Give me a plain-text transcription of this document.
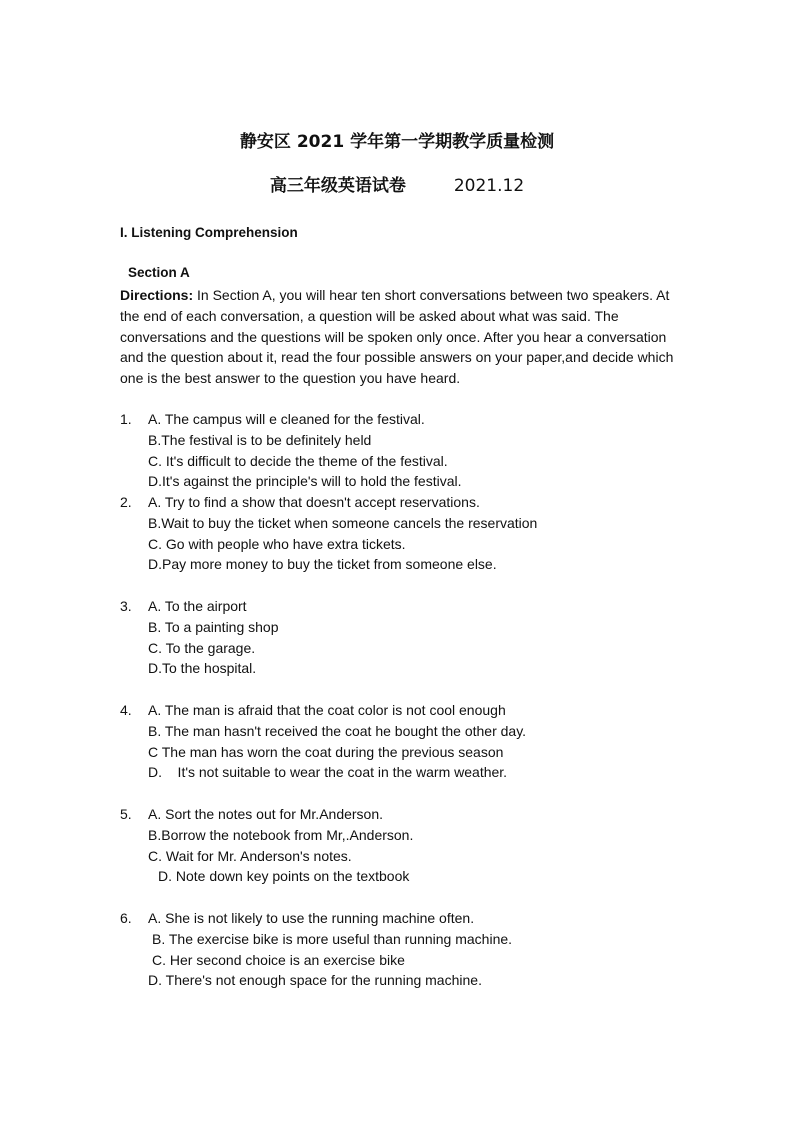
静安区 2021 学年第一学期教学质量检测
高三年级英语试卷	2021.12
I. Listening Comprehension
Section A
Directions: In Section A, you will hear ten short conversations between two speakers. At the end of each conversation, a question will be asked about what was said. The conversations and the questions will be spoken only once. After you hear a conversation and the question about it, read the four possible answers on your paper,and decide which one is the best answer to the question you have heard.
1.	A. The campus will e cleaned for the festival.
B.The festival is to be definitely held
C. It's difficult to decide the theme of the festival.
D.It's against the principle's will to hold the festival.
2.	A. Try to find a show that doesn't accept reservations.
B.Wait to buy the ticket when someone cancels the reservation
C. Go with people who have extra tickets.
D.Pay more money to buy the ticket from someone else.
3.	A. To the airport
B. To a painting shop
C. To the garage.
D.To the hospital.
4.	A. The man is afraid that the coat color is not cool enough
B. The man hasn't received the coat he bought the other day.
C The man has worn the coat during the previous season
D.    It's not suitable to wear the coat in the warm weather.
5.	A. Sort the notes out for Mr.Anderson.
B.Borrow the notebook from Mr,.Anderson.
C. Wait for Mr. Anderson's notes.
D. Note down key points on the textbook
6.	A. She is not likely to use the running machine often.
B. The exercise bike is more useful than running machine.
C. Her second choice is an exercise bike
D. There's not enough space for the running machine.
